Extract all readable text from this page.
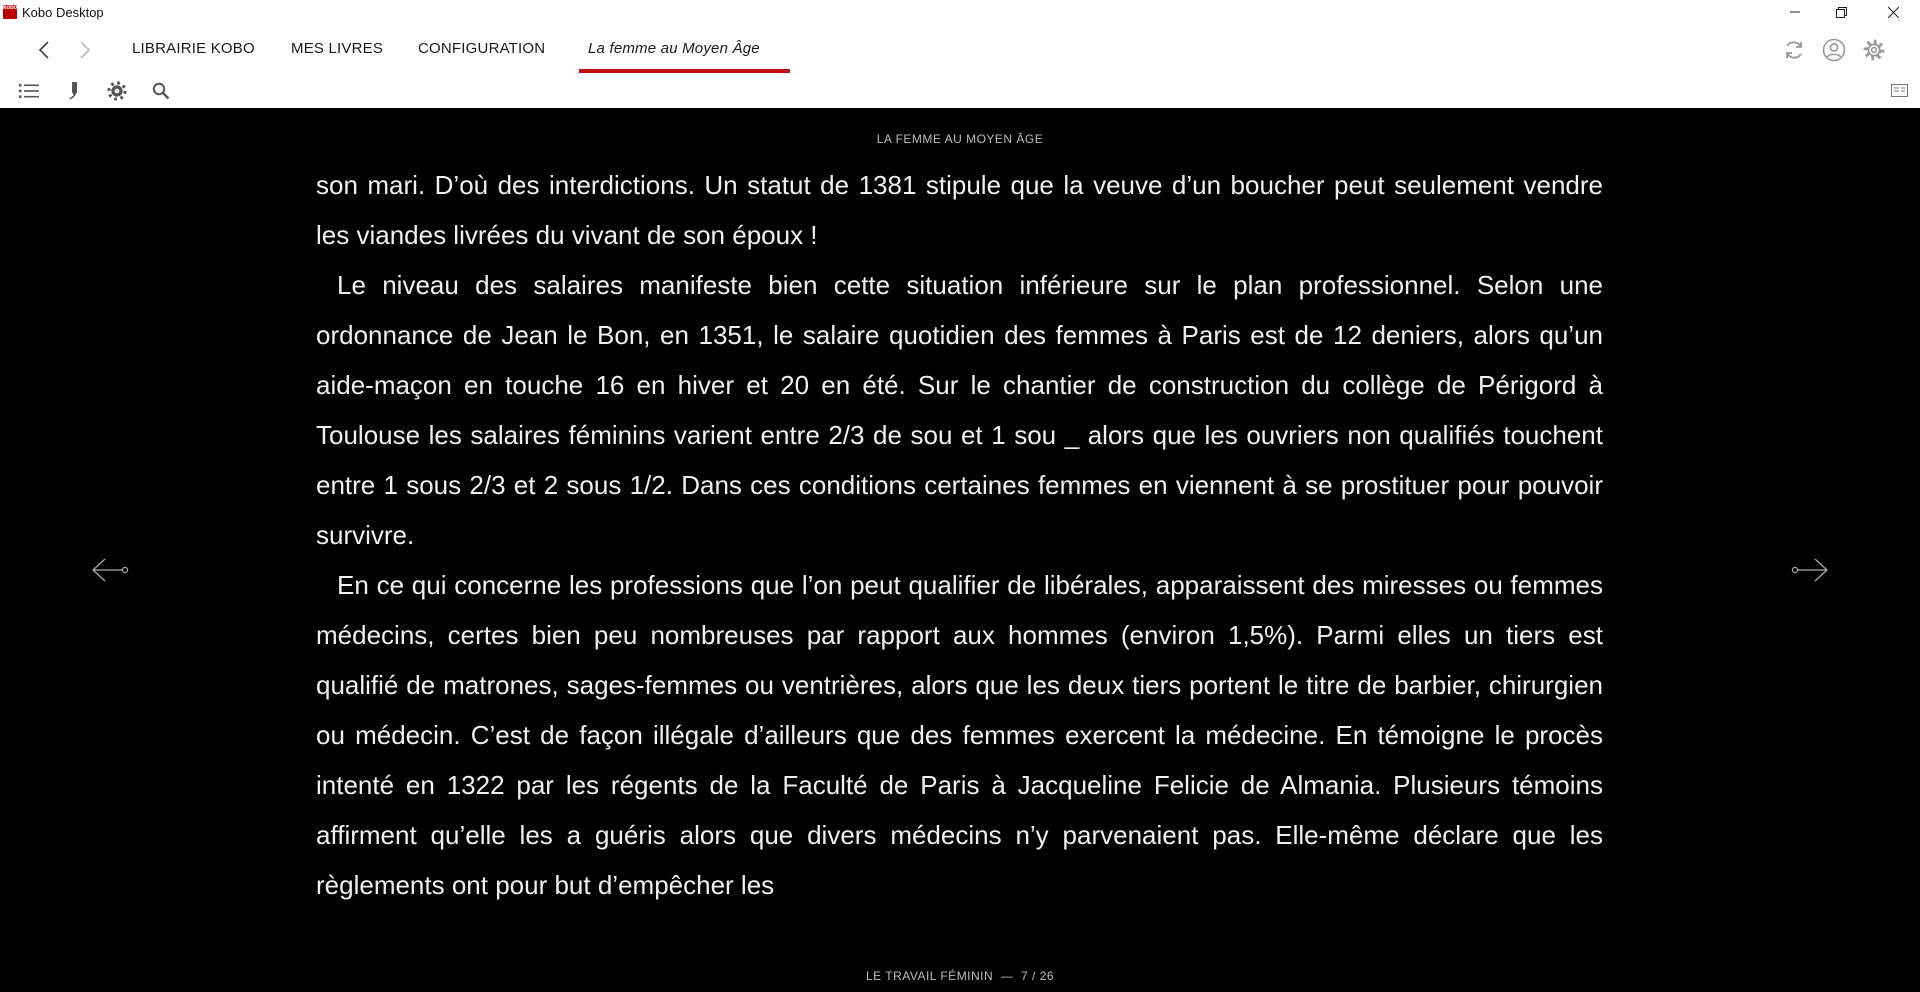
kobo Kobo Desktop
LIBRAIRIE KOBO MES LIVRES CONFIGURATION	La femme au Moyen Âge
LA FEMME AU MOYEN ÂGE

son mari. D’où des interdictions. Un statut de 1381 stipule que la veuve d’un boucher peut seulement vendre les viandes livrées du vivant de son époux !

Le niveau des salaires manifeste bien cette situation inférieure sur le plan professionnel. Selon une ordonnance de Jean le Bon, en 1351, le salaire quotidien des femmes à Paris est de 12 deniers, alors qu’un aide-maçon en touche 16 en hiver et 20 en été. Sur le chantier de construction du collège de Périgord à Toulouse les salaires féminins varient entre 2/3 de sou et 1 sou _ alors que les ouvriers non qualifiés touchent entre 1 sous 2/3 et 2 sous 1/2. Dans ces conditions certaines femmes en viennent à se prostituer pour pouvoir survivre.

En ce qui concerne les professions que l’on peut qualifier de libérales, apparaissent des miresses ou femmes médecins, certes bien peu nombreuses par rapport aux hommes (environ 1,5%). Parmi elles un tiers est qualifié de matrones, sages-femmes ou ventrières, alors que les deux tiers portent le titre de barbier, chirurgien ou médecin. C’est de façon illégale d’ailleurs que des femmes exercent la médecine. En témoigne le procès intenté en 1322 par les régents de la Faculté de Paris à Jacqueline Felicie de Almania. Plusieurs témoins affirment qu’elle les a guéris alors que divers médecins n’y parvenaient pas. Elle-même déclare que les règlements ont pour but d’empêcher les

LE TRAVAIL FÉMININ — 7 / 26
